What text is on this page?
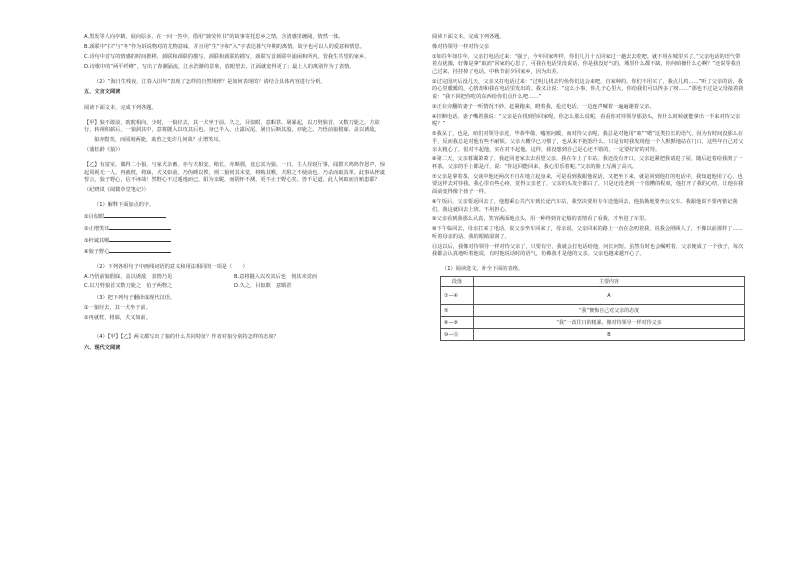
A.黑发等人向亭鹤，展向原多，在一问一答中，借用“蒲荧传书”的故事寄托思乡之情，含清感里缠阔，情然一体。

B.颈联中“扫”与“冬”作为诉说物对的尤物意味，并且用“生”字和“入”字表达暮气年期的离情。故字也可以人的爱意和情思。

C.诗句中首写的情感的时间推移，颈联和颈联的描写，颈联和颈联的描写，颈联写首颈联中浦闲和所内，管我生共望的家乡。

D.诗歌中的“两平纤峰”，写出了春潮涌流，江水浩渺的景象，放眼望去，江面就宽得更了；最上人的离别作为了表情。

（2）“海日生残夜，江春入旧年”表现了怎样的自然规律？是如何表现的？请结合具体内容进行分析。

五、文言文阅读

阅读下面文本，完成下列各题。

【甲】狼不敢前，眈眈相向。少时，一狼径去，其一犬坐于前。久之，目似瞑，意暇甚。屠暴起，以刀劈狼首，又数刀毙之。方欲行，转视积薪后，一狼洞其中，意将隧入以攻其后也。身已半入，止露尻尾。屠自后断其股，亦毙之。乃悟前狼假寐，盖以诱敌。

狼亦黠矣，而顷刻两毙，禽兽之变诈几何哉？止增笑耳。

（蒲松龄《狼》）

【乙】有富室，偶得二小狼，与家犬杂畜，亦与犬相安。稍长，亦颇驯，竟忘其为狼。一日，主人昼寝厅事，闻群犬呜呜作怒声，惊起周视无一人。再就枕，将寐，犬又如前，乃伪睡以俟，则二狼伺其未觉，将啮其喉，犬阻之不使前也。乃杀而取其革。此事从侄虞惇言。狼子野心，信不诬哉！然野心不过遁逸而已，阳为亲昵，而阴怀不测，更不止于野心矣。兽不足道，此人何取而自贻患耶？

（纪晓岚《阅微草堂笔记》）

（1）解释下面加点的字。

①目似瞑

②止增笑耳

③杆诚其喉

④狼子野心

（2）下列各组句子中画线词语的意义和用法相同的一项是（　　）

A.乃悟前狼假寐，盖以诱敌　 表情乃见	B.意将隧入以攻其后也　 伺其未觉而
C.以刀劈狼首又数刀毙之　 伯子两物之	D.久之，目似瞑　 意暇甚

（3）把下列句子翻译成现代汉语。

①一狼径去，其一犬坐于前。

②再就枕，将寐，犬又如前。

（4）【甲】【乙】两文都写出了狼的什么共同特征？作者对狼分别持怎样的态度？

六、现代文阅读

阅读下面文本，完成下列各题。

像对待领导一样对待父亲

①如往年如往年，父亲打电话过来：“强子，今年回家咋样，你们几月十五回家过一趟去去吃吧。就不用在城里买了。”父亲电话的语气带着点犹豫，好像是拿“取消”回家的心思了，可我在电话里没说话，你是我没好气的，城里什么都不缺，你何咱操什么心啊？”还说等我自己过来，挂挂掉了电话。中秋节前夕回家乡，因为出差。

②过完国庆后没几天，父亲又打电话过来：“过明儿找去钓鱼你们这会来吧，自家种的，你们不用买了，我点儿鸡……”听了父亲的话，我的心里暖暖的，心情却和我在电话里发出的。我又让说：“这么小事，你儿子心里大，你给我们可以得多了呀……”那也不过是父母接着我说：“我下回把你吃的东西给你们点什么吧……”

③正在旁翻的妻子一听情况不妙，赶紧跑来，瞪着我，抢过电话，一边连声喊着一遍遍谢着父亲。

④挂断电话，妻子嘴着我说：“父亲是在找到你回家呢，你怎么那么说呢，看看你对待领导那劲头，你什么时候就能拿出一半来对待父亲呢？”

⑤我呆了，也是，咱们对领导亲近，毕恭毕敬，嘘寒问暖，而对待父亲呢，我总是对他用“咱”“嗯”这类拉长的语气，因为有时间没那么在乎，反而我总是对他有些不耐烦。父亲大概早已习惯了，也从来不抱怨什么，只是有时我发现他一个人默默地站在门口，这些年自己对父亲太粗心了，很对不起他，实在对不起他。这样，我没想到自己是心还不错的，一定要好好的对待。

⑥第二天，父亲暮霭萧萧了，我赶回老家去去看望父亲，我在车上了车站。我还没有开口，父亲赶紧把我请进了屋，随后赶着给我沏了一杯茶。父亲的手上都是汗，说：“你这回能回来，我心里乐着呢。”父亲的脸上写满了高兴。

⑦父亲是拿着茶，交谈中他还两次不自在地立起身来，可是看到我跟他说话，又把坐下来，就是回到他打的电话中，我知道他用了心，也要这样去对待我。我心里有些心疼，觉得父亲老了，父亲的头发全都白了，只是还没老到一个很糟的程度，他打开了我的心结，让他在我面前变得像个孩子一样。

⑧午饭后，父亲要返回去了，他想乘公共汽车到长途汽车站，我坚决要用专车送他回去，他执拗地要坐公交车。我跟他说不要再惦记我们，我这就回去上班。不用担心。

⑨父亲看到我那么认真，笑容满面地点头，用一种得到肯定般的表情看了看我，才坐进了车里。

⑩下午临回去，母亲打来了电话，说父亲坐车回来了，母亲说，父亲回来的路上一直在念叨着我，说我会照顾人了，不像以前那样了……听着母亲的话，我的眼睛湿润了。

⑪这以后，我像对待领导一样对待父亲了，只要有空，我就会打电话给他，问长问短。虽然有时也会嘱咐着，父亲便成了一个孩子，每次我都会认真地听着他说，有时他说话时的语气，仿佛我才是他的父亲。父亲也越来越开心了。

（1）阅读选文，补全下面的表格。

段落	主要内容
①—④	A
⑤	“我”懊悔自己对父亲的态度
⑥—⑨	“我”一改往日的粗暴，像对待领导一样对待父亲
⑩—⑪	B
